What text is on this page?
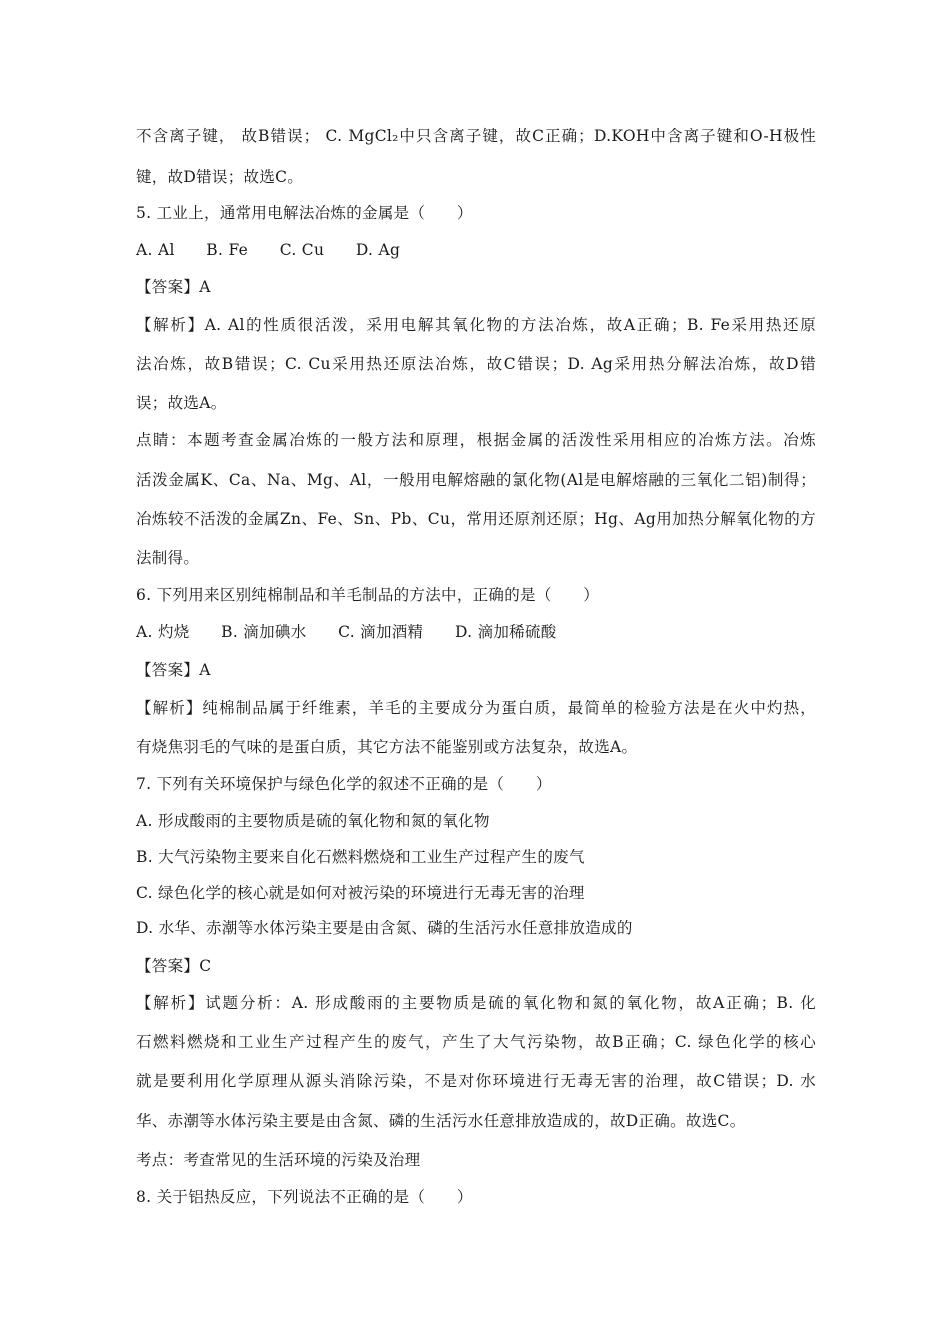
不含离子键， 故B错误； C. MgCl₂中只含离子键，故C正确；D.KOH中含离子键和O-H极性
键，故D错误；故选C。
5. 工业上，通常用电解法冶炼的金属是（　　）
A. Al　　B. Fe　　C. Cu　　D. Ag
【答案】A
【解析】A. Al的性质很活泼，采用电解其氧化物的方法冶炼，故A正确；B. Fe采用热还原
法冶炼，故B错误；C. Cu采用热还原法冶炼，故C错误；D. Ag采用热分解法冶炼，故D错
误；故选A。
点睛：本题考查金属冶炼的一般方法和原理，根据金属的活泼性采用相应的冶炼方法。冶炼
活泼金属K、Ca、Na、Mg、Al，一般用电解熔融的氯化物(Al是电解熔融的三氧化二铝)制得；
冶炼较不活泼的金属Zn、Fe、Sn、Pb、Cu，常用还原剂还原；Hg、Ag用加热分解氧化物的方
法制得。
6. 下列用来区别纯棉制品和羊毛制品的方法中，正确的是（　　）
A. 灼烧　　B. 滴加碘水　　C. 滴加酒精　　D. 滴加稀硫酸
【答案】A
【解析】纯棉制品属于纤维素，羊毛的主要成分为蛋白质，最简单的检验方法是在火中灼热，
有烧焦羽毛的气味的是蛋白质，其它方法不能鉴别或方法复杂，故选A。
7. 下列有关环境保护与绿色化学的叙述不正确的是（　　）
A. 形成酸雨的主要物质是硫的氧化物和氮的氧化物
B. 大气污染物主要来自化石燃料燃烧和工业生产过程产生的废气
C. 绿色化学的核心就是如何对被污染的环境进行无毒无害的治理
D. 水华、赤潮等水体污染主要是由含氮、磷的生活污水任意排放造成的
【答案】C
【解析】试题分析：A. 形成酸雨的主要物质是硫的氧化物和氮的氧化物，故A正确；B. 化
石燃料燃烧和工业生产过程产生的废气，产生了大气污染物，故B正确；C. 绿色化学的核心
就是要利用化学原理从源头消除污染，不是对你环境进行无毒无害的治理，故C错误；D. 水
华、赤潮等水体污染主要是由含氮、磷的生活污水任意排放造成的，故D正确。故选C。
考点：考查常见的生活环境的污染及治理
8. 关于铝热反应，下列说法不正确的是（　　）
